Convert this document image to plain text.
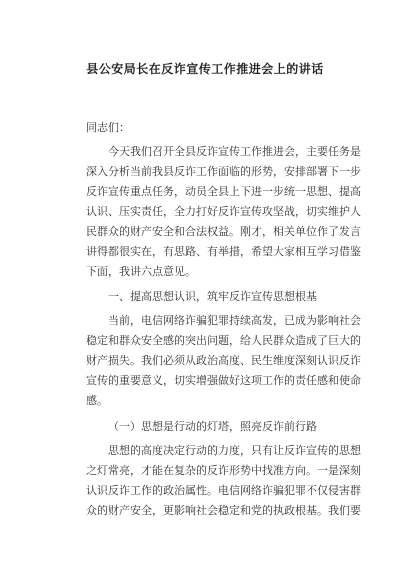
县公安局长在反诈宣传工作推进会上的讲话
同志们：
今天我们召开全县反诈宣传工作推进会，主要任务是
深入分析当前我县反诈工作面临的形势，安排部署下一步
反诈宣传重点任务，动员全县上下进一步统一思想、提高
认识、压实责任，全力打好反诈宣传攻坚战，切实维护人
民群众的财产安全和合法权益。刚才，相关单位作了发言
讲得都很实在，有思路、有举措，希望大家相互学习借鉴
下面，我讲六点意见。
一、提高思想认识，筑牢反诈宣传思想根基
当前，电信网络诈骗犯罪持续高发，已成为影响社会
稳定和群众安全感的突出问题，给人民群众造成了巨大的
财产损失。我们必须从政治高度、民生维度深刻认识反诈
宣传的重要意义，切实增强做好这项工作的责任感和使命
感。
（一）思想是行动的灯塔，照亮反诈前行路
思想的高度决定行动的力度，只有让反诈宣传的思想
之灯常亮，才能在复杂的反诈形势中找准方向。一是深刻
认识反诈工作的政治属性。电信网络诈骗犯罪不仅侵害群
众的财产安全，更影响社会稳定和党的执政根基。我们要
